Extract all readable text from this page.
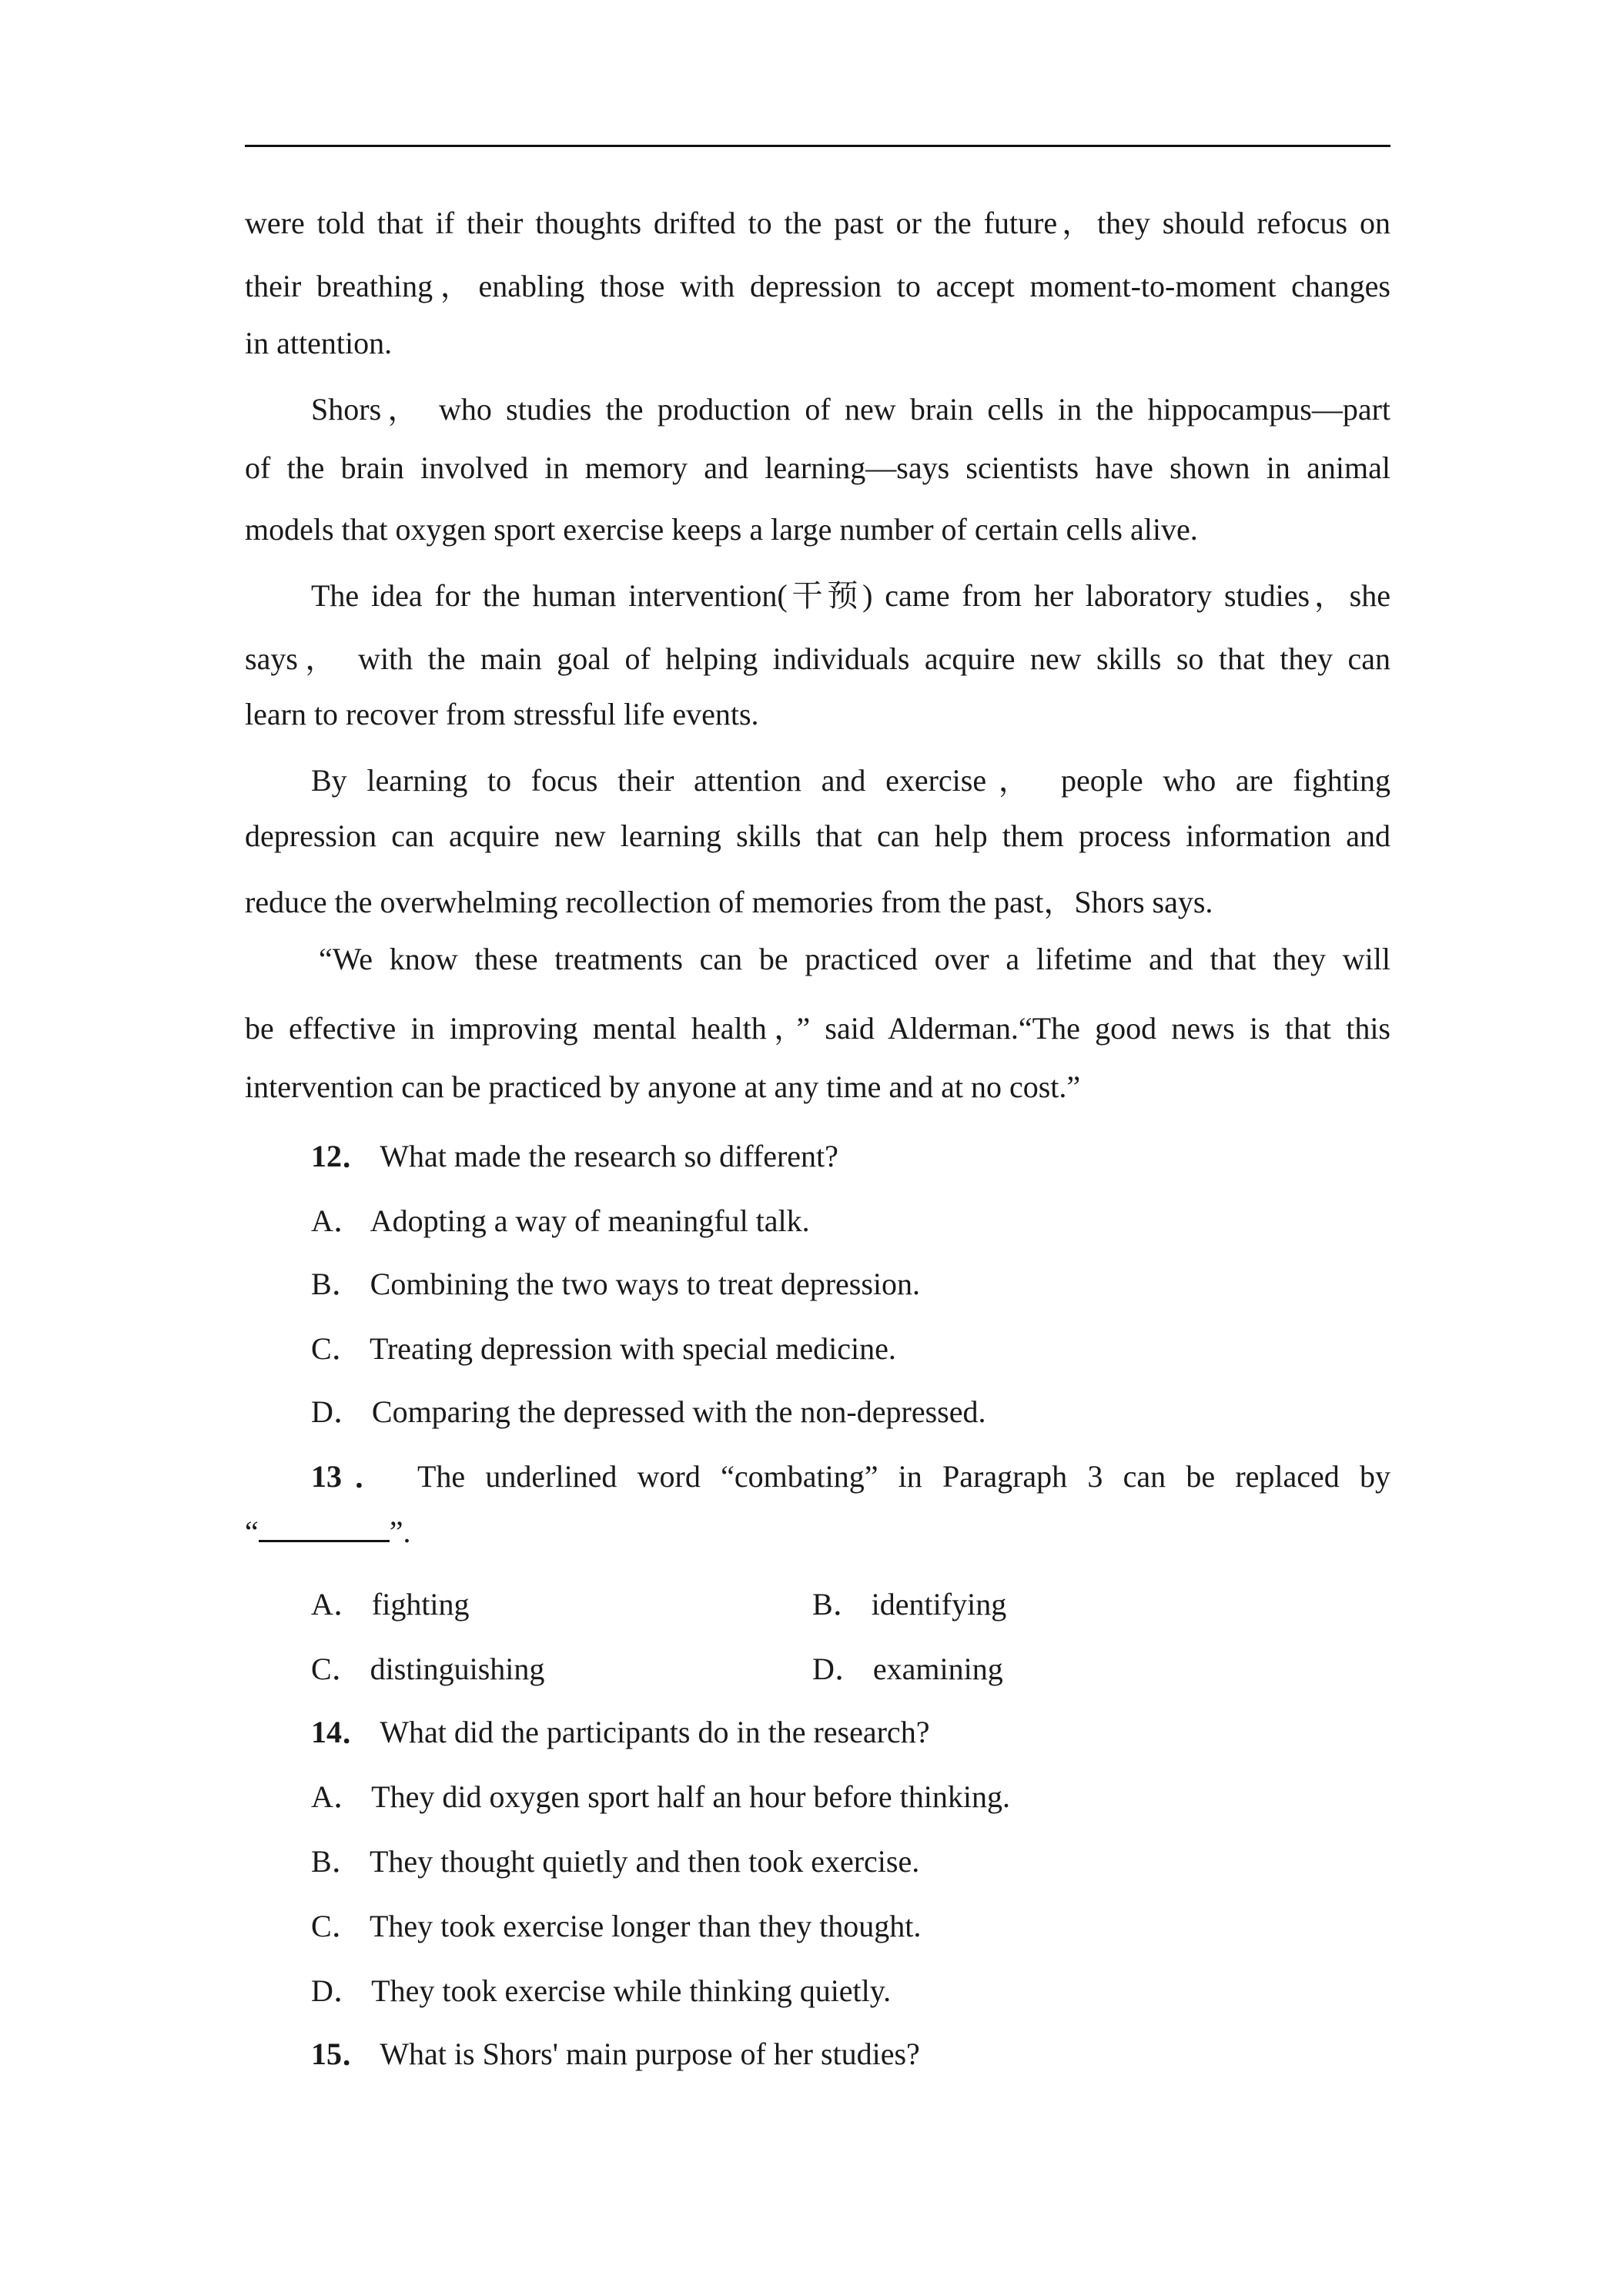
were told that if their thoughts drifted to the past or the future，they should refocus on
their breathing，enabling those with depression to accept moment‑to‑moment changes
in attention.
Shors， who studies the production of new brain cells in the hippocampus—part
of the brain involved in memory and learning—says scientists have shown in animal
models that oxygen sport exercise keeps a large number of certain cells alive.
The idea for the human intervention(干预) came from her laboratory studies，she
says， with the main goal of helping individuals acquire new skills so that they can
learn to recover from stressful life events.
By learning to focus their attention and exercise， people who are fighting
depression can acquire new learning skills that can help them process information and
reduce the overwhelming recollection of memories from the past，Shors says.
“We know these treatments can be practiced over a lifetime and that they will
be effective in improving mental health，” said Alderman.“The good news is that this
intervention can be practiced by anyone at any time and at no cost.”
12． What made the research so different?
A． Adopting a way of meaningful talk.
B． Combining the two ways to treat depression.
C． Treating depression with special medicine.
D． Comparing the depressed with the non‑depressed.
13． The underlined word “combating” in Paragraph 3 can be replaced by
“	”.
A． fighting	B． identifying
C． distinguishing	D． examining
14． What did the participants do in the research?
A． They did oxygen sport half an hour before thinking.
B． They thought quietly and then took exercise.
C． They took exercise longer than they thought.
D． They took exercise while thinking quietly.
15． What is Shors' main purpose of her studies?
